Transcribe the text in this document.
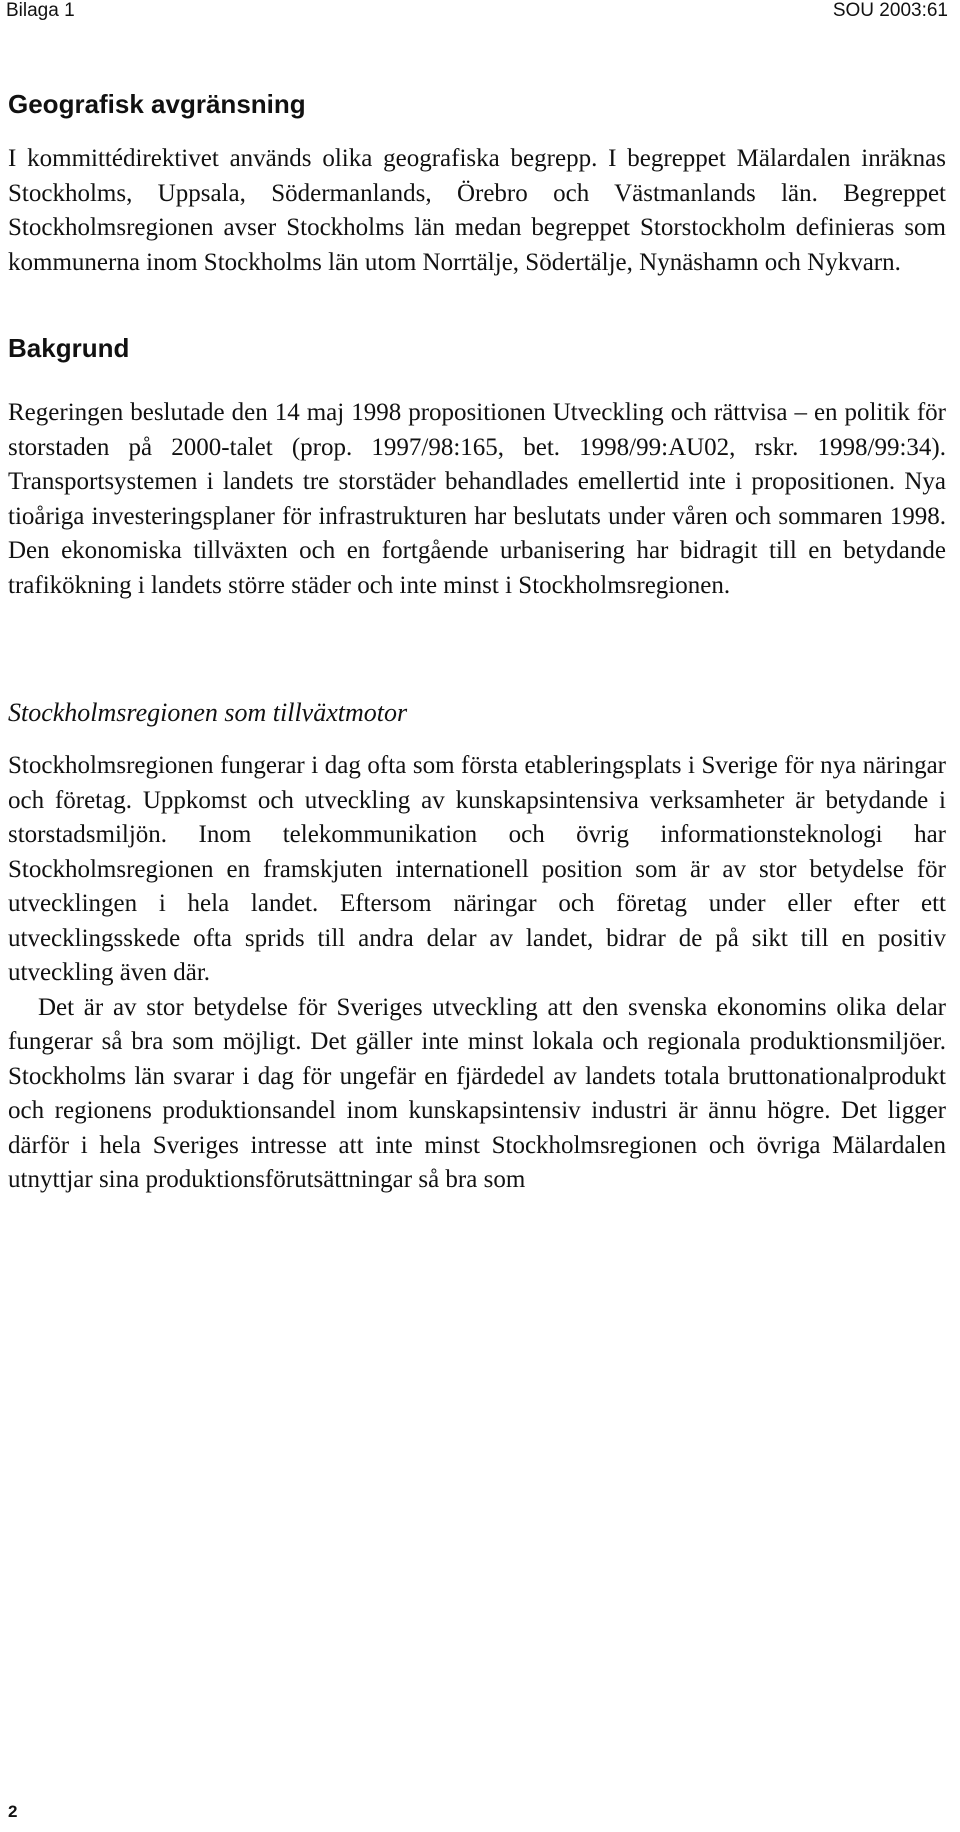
Bilaga 1	SOU 2003:61
Geografisk avgränsning

I kommittédirektivet används olika geografiska begrepp. I begreppet Mälardalen inräknas Stockholms, Uppsala, Södermanlands, Örebro och Västmanlands län. Begreppet Stockholmsregionen avser Stockholms län medan begreppet Storstockholm definieras som kommunerna inom Stockholms län utom Norrtälje, Södertälje, Nynäshamn och Nykvarn.

Bakgrund

Regeringen beslutade den 14 maj 1998 propositionen Utveckling och rättvisa – en politik för storstaden på 2000-talet (prop. 1997/98:165, bet. 1998/99:AU02, rskr. 1998/99:34). Transportsystemen i landets tre storstäder behandlades emellertid inte i propositionen. Nya tioåriga investeringsplaner för infrastrukturen har beslutats under våren och sommaren 1998. Den ekonomiska tillväxten och en fortgående urbanisering har bidragit till en betydande trafikökning i landets större städer och inte minst i Stockholmsregionen.

Stockholmsregionen som tillväxtmotor

Stockholmsregionen fungerar i dag ofta som första etableringsplats i Sverige för nya näringar och företag. Uppkomst och utveckling av kunskapsintensiva verksamheter är betydande i storstadsmiljön. Inom telekommunikation och övrig informationsteknologi har Stockholmsregionen en framskjuten internationell position som är av stor betydelse för utvecklingen i hela landet. Eftersom näringar och företag under eller efter ett utvecklingsskede ofta sprids till andra delar av landet, bidrar de på sikt till en positiv utveckling även där.

Det är av stor betydelse för Sveriges utveckling att den svenska ekonomins olika delar fungerar så bra som möjligt. Det gäller inte minst lokala och regionala produktionsmiljöer. Stockholms län svarar i dag för ungefär en fjärdedel av landets totala bruttonationalprodukt och regionens produktionsandel inom kunskapsintensiv industri är ännu högre. Det ligger därför i hela Sveriges intresse att inte minst Stockholmsregionen och övriga Mälardalen utnyttjar sina produktionsförutsättningar så bra som

2
